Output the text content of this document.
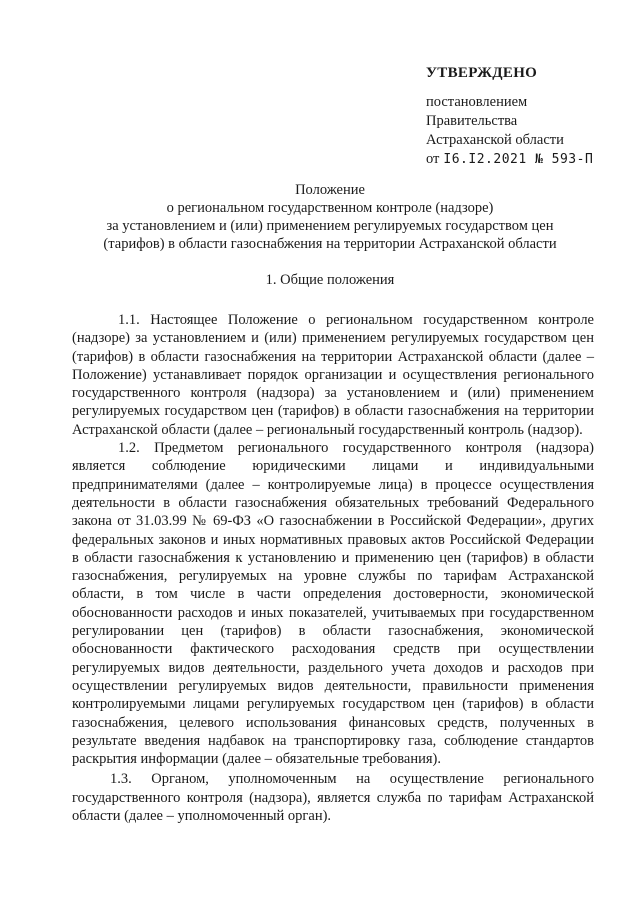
УТВЕРЖДЕНО
постановлением
Правительства
Астраханской области
от I6.I2.2021 № 593-П
Положение
о региональном государственном контроле (надзоре)
за установлением и (или) применением регулируемых государством цен
(тарифов) в области газоснабжения на территории Астраханской области
1. Общие положения

1.1. Настоящее Положение о региональном государственном контроле (надзоре) за установлением и (или) применением регулируемых государством цен (тарифов) в области газоснабжения на территории Астраханской области (далее – Положение) устанавливает порядок организации и осуществления регионального государственного контроля (надзора) за установлением и (или) применением регулируемых государством цен (тарифов) в области газоснабжения на территории Астраханской области (далее – региональный государственный контроль (надзор).

1.2. Предметом регионального государственного контроля (надзора) является соблюдение юридическими лицами и индивидуальными предпринимателями (далее – контролируемые лица) в процессе осуществления деятельности в области газоснабжения обязательных требований Федерального закона от 31.03.99 № 69-ФЗ «О газоснабжении в Российской Федерации», других федеральных законов и иных нормативных правовых актов Российской Федерации в области газоснабжения к установлению и применению цен (тарифов) в области газоснабжения, регулируемых на уровне службы по тарифам Астраханской области, в том числе в части определения достоверности, экономической обоснованности расходов и иных показателей, учитываемых при государственном регулировании цен (тарифов) в области газоснабжения, экономической обоснованности фактического расходования средств при осуществлении регулируемых видов деятельности, раздельного учета доходов и расходов при осуществлении регулируемых видов деятельности, правильности применения контролируемыми лицами регулируемых государством цен (тарифов) в области газоснабжения, целевого использования финансовых средств, полученных в результате введения надбавок на транспортировку газа, соблюдение стандартов раскрытия информации (далее – обязательные требования).

1.3. Органом, уполномоченным на осуществление регионального государственного контроля (надзора), является служба по тарифам Астраханской области (далее – уполномоченный орган).
